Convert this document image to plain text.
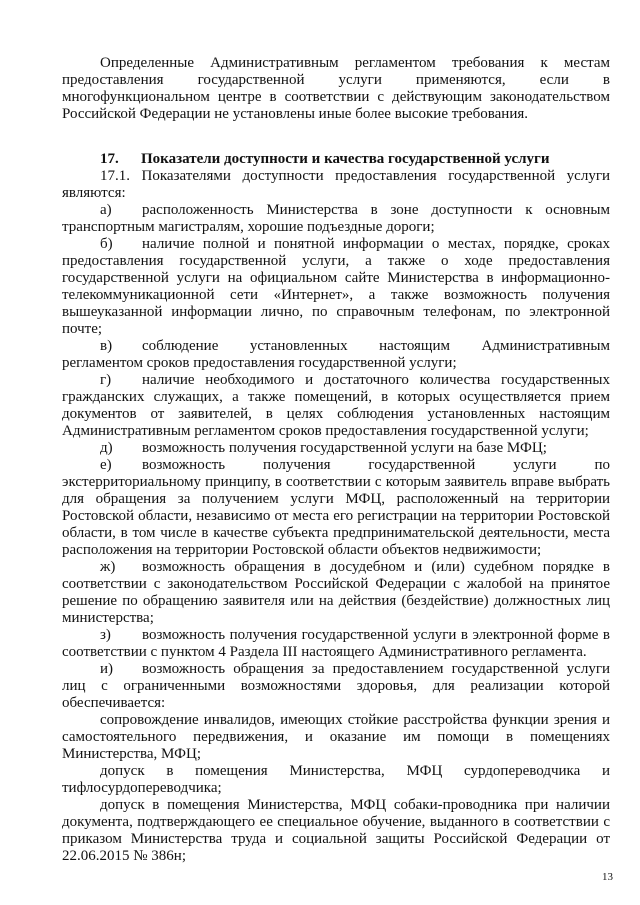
Определенные Административным регламентом требования к местам предоставления государственной услуги применяются, если в многофункциональном центре в соответствии с действующим законодательством Российской Федерации не установлены иные более высокие требования.

17. Показатели доступности и качества государственной услуги

17.1. Показателями доступности предоставления государственной услуги являются:

а) расположенность Министерства в зоне доступности к основным транспортным магистралям, хорошие подъездные дороги;

б) наличие полной и понятной информации о местах, порядке, сроках предоставления государственной услуги, а также о ходе предоставления государственной услуги на официальном сайте Министерства в информационно-телекоммуникационной сети «Интернет», а также возможность получения вышеуказанной информации лично, по справочным телефонам, по электронной почте;

в) соблюдение установленных настоящим Административным регламентом сроков предоставления государственной услуги;

г) наличие необходимого и достаточного количества государственных гражданских служащих, а также помещений, в которых осуществляется прием документов от заявителей, в целях соблюдения установленных настоящим Административным регламентом сроков предоставления государственной услуги;

д) возможность получения государственной услуги на базе МФЦ;

е) возможность получения государственной услуги по экстерриториальному принципу, в соответствии с которым заявитель вправе выбрать для обращения за получением услуги МФЦ, расположенный на территории Ростовской области, независимо от места его регистрации на территории Ростовской области, в том числе в качестве субъекта предпринимательской деятельности, места расположения на территории Ростовской области объектов недвижимости;

ж) возможность обращения в досудебном и (или) судебном порядке в соответствии с законодательством Российской Федерации с жалобой на принятое решение по обращению заявителя или на действия (бездействие) должностных лиц министерства;

з) возможность получения государственной услуги в электронной форме в соответствии с пунктом 4 Раздела III настоящего Административного регламента.

и) возможность обращения за предоставлением государственной услуги лиц с ограниченными возможностями здоровья, для реализации которой обеспечивается:

сопровождение инвалидов, имеющих стойкие расстройства функции зрения и самостоятельного передвижения, и оказание им помощи в помещениях Министерства, МФЦ;

допуск в помещения Министерства, МФЦ сурдопереводчика и тифлосурдопереводчика;

допуск в помещения Министерства, МФЦ собаки-проводника при наличии документа, подтверждающего ее специальное обучение, выданного в соответствии с приказом Министерства труда и социальной защиты Российской Федерации от 22.06.2015 № 386н;

13
